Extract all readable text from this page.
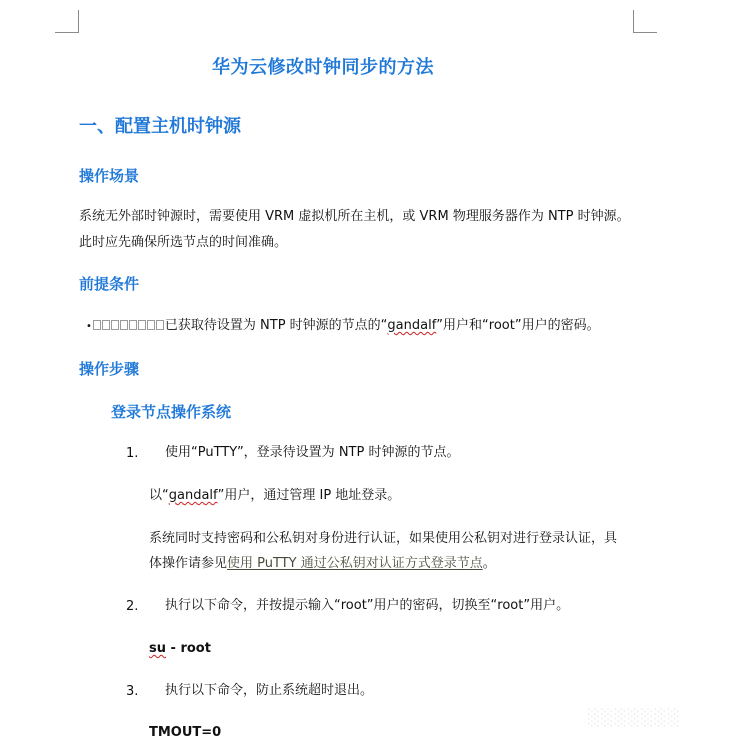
华为云修改时钟同步的方法
一、配置主机时钟源
操作场景
系统无外部时钟源时，需要使用 VRM 虚拟机所在主机，或 VRM 物理服务器作为 NTP 时钟源。
此时应先确保所选节点的时间准确。
前提条件
•	已获取待设置为 NTP 时钟源的节点的“gandalf”用户和“root”用户的密码。
操作步骤
登录节点操作系统
1. 使用“PuTTY”，登录待设置为 NTP 时钟源的节点。
以“gandalf”用户，通过管理 IP 地址登录。
系统同时支持密码和公私钥对身份进行认证，如果使用公私钥对进行登录认证，具
体操作请参见使用 PuTTY 通过公私钥对认证方式登录节点。
2. 执行以下命令，并按提示输入“root”用户的密码，切换至“root”用户。
su - root
3. 执行以下命令，防止系统超时退出。
TMOUT=0
░░░░░░░
